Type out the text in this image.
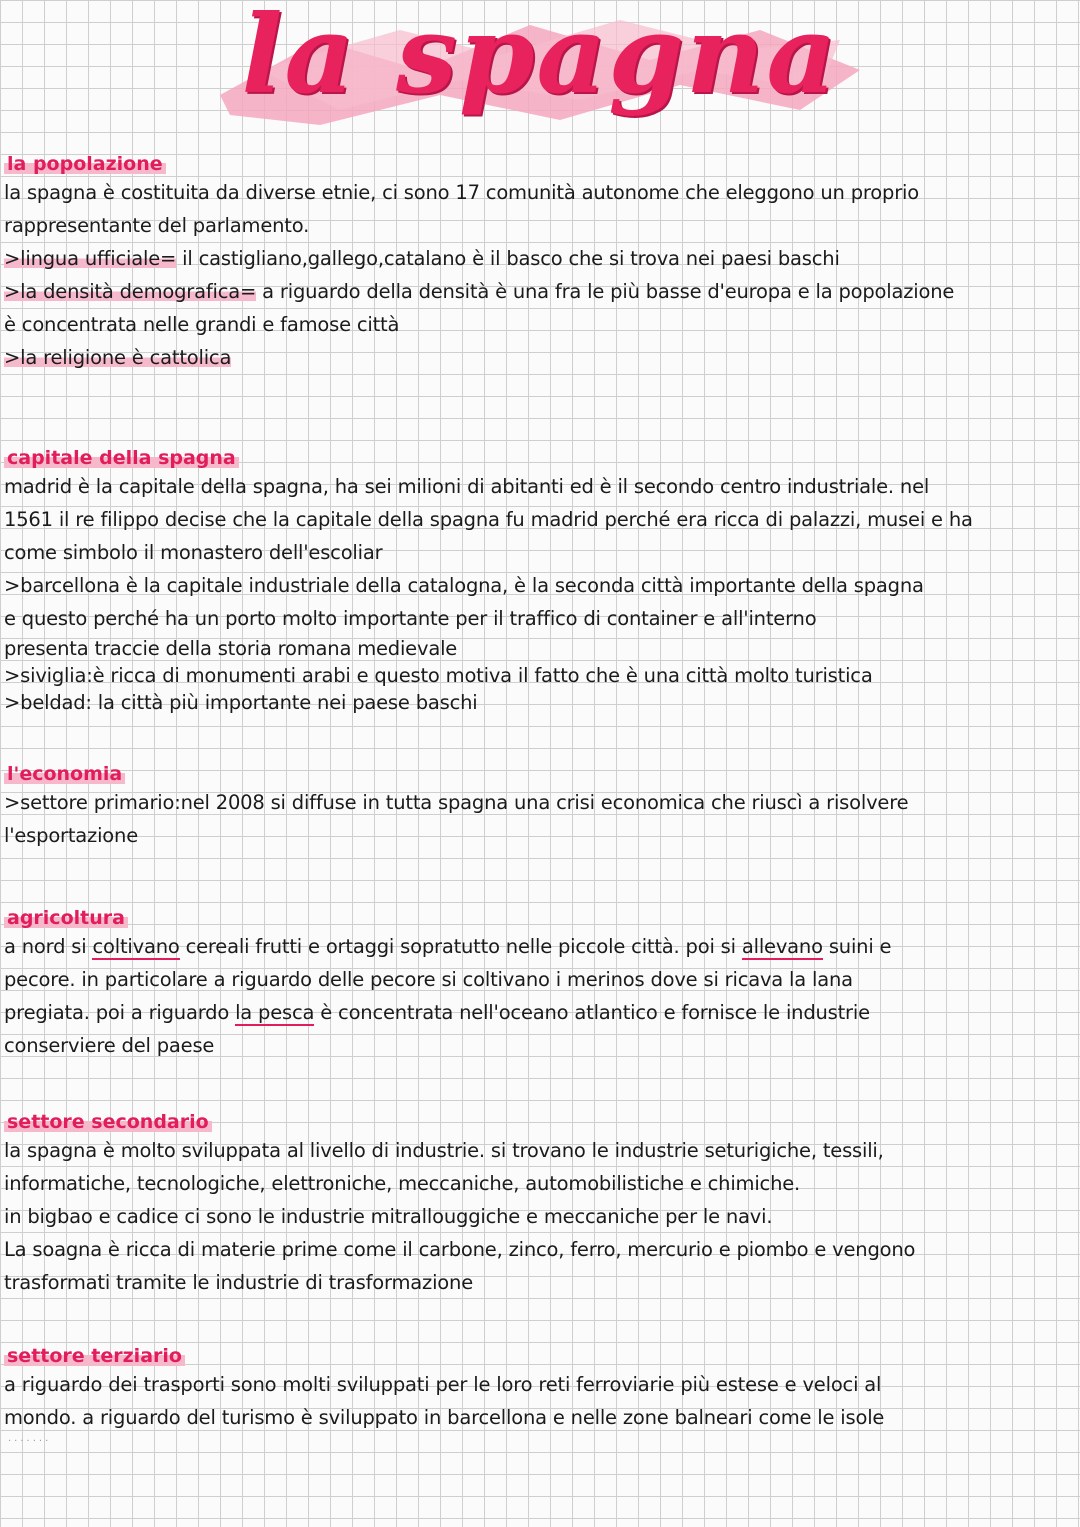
la spagna
la popolazione

la spagna è costituita da diverse etnie, ci sono 17 comunità autonome che eleggono un proprio

rappresentante del parlamento.

>lingua ufficiale= il castigliano,gallego,catalano è il basco che si trova nei paesi baschi

>la densità demografica= a riguardo della densità è una fra le più basse d'europa e la popolazione

è concentrata nelle grandi e famose città

>la religione è cattolica

capitale della spagna

madrid è la capitale della spagna, ha sei milioni di abitanti ed è il secondo centro industriale. nel

1561 il re filippo decise che la capitale della spagna fu madrid perché era ricca di palazzi, musei e ha

come simbolo il monastero dell'escoliar

>barcellona è la capitale industriale della catalogna, è la seconda città importante della spagna

e questo perché ha un porto molto importante per il traffico di container e all'interno

presenta traccie della storia romana medievale

>siviglia:è ricca di monumenti arabi e questo motiva il fatto che è una città molto turistica

>beldad: la città più importante nei paese baschi

l'economia

>settore primario:nel 2008 si diffuse in tutta spagna una crisi economica che riuscì a risolvere

l'esportazione

agricoltura

a nord si coltivano cereali frutti e ortaggi sopratutto nelle piccole città. poi si allevano suini e

pecore. in particolare a riguardo delle pecore si coltivano i merinos dove si ricava la lana

pregiata. poi a riguardo la pesca è concentrata nell'oceano atlantico e fornisce le industrie

conserviere del paese

settore secondario

la spagna è molto sviluppata al livello di industrie. si trovano le industrie seturigiche, tessili,

informatiche, tecnologiche, elettroniche, meccaniche, automobilistiche e chimiche.

in bigbao e cadice ci sono le industrie mitrallouggiche e meccaniche per le navi.

La soagna è ricca di materie prime come il carbone, zinco, ferro, mercurio e piombo e vengono

trasformati tramite le industrie di trasformazione

settore terziario

a riguardo dei trasporti sono molti sviluppati per le loro reti ferroviarie più estese e veloci al

mondo. a riguardo del turismo è sviluppato in barcellona e nelle zone balneari come le isole

·······
